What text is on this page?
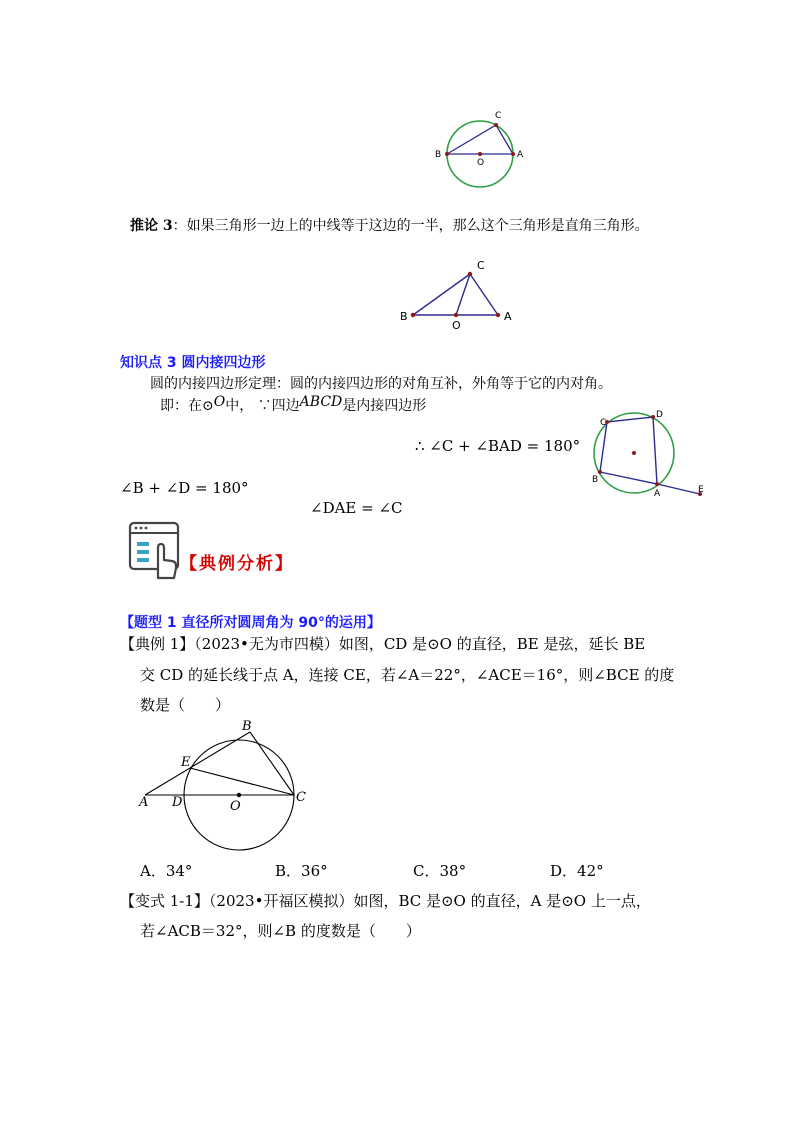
C
B
O
A
推论 3：如果三角形一边上的中线等于这边的一半，那么这个三角形是直角三角形。
C
B
O
A
知识点 3 圆内接四边形
圆的内接四边形定理：圆的内接四边形的对角互补，外角等于它的内对角。
即：在⊙O中， ∵四边ABCD是内接四边形
∴ ∠C + ∠BAD = 180°
∠B + ∠D = 180°
∠DAE = ∠C
C
D
B
A	E
【典例分析】
【题型 1 直径所对圆周角为 90°的运用】
【典例 1】（2023•无为市四模）如图，CD 是⊙O 的直径，BE 是弦，延长 BE
交 CD 的延长线于点 A，连接 CE，若∠A＝22°，∠ACE＝16°，则∠BCE 的度
数是（　　）
B
E
A D	O
C
A．34°	B．36°	C．38°	D．42°
【变式 1-1】（2023•开福区模拟）如图，BC 是⊙O 的直径，A 是⊙O 上一点，
若∠ACB＝32°，则∠B 的度数是（　　）
